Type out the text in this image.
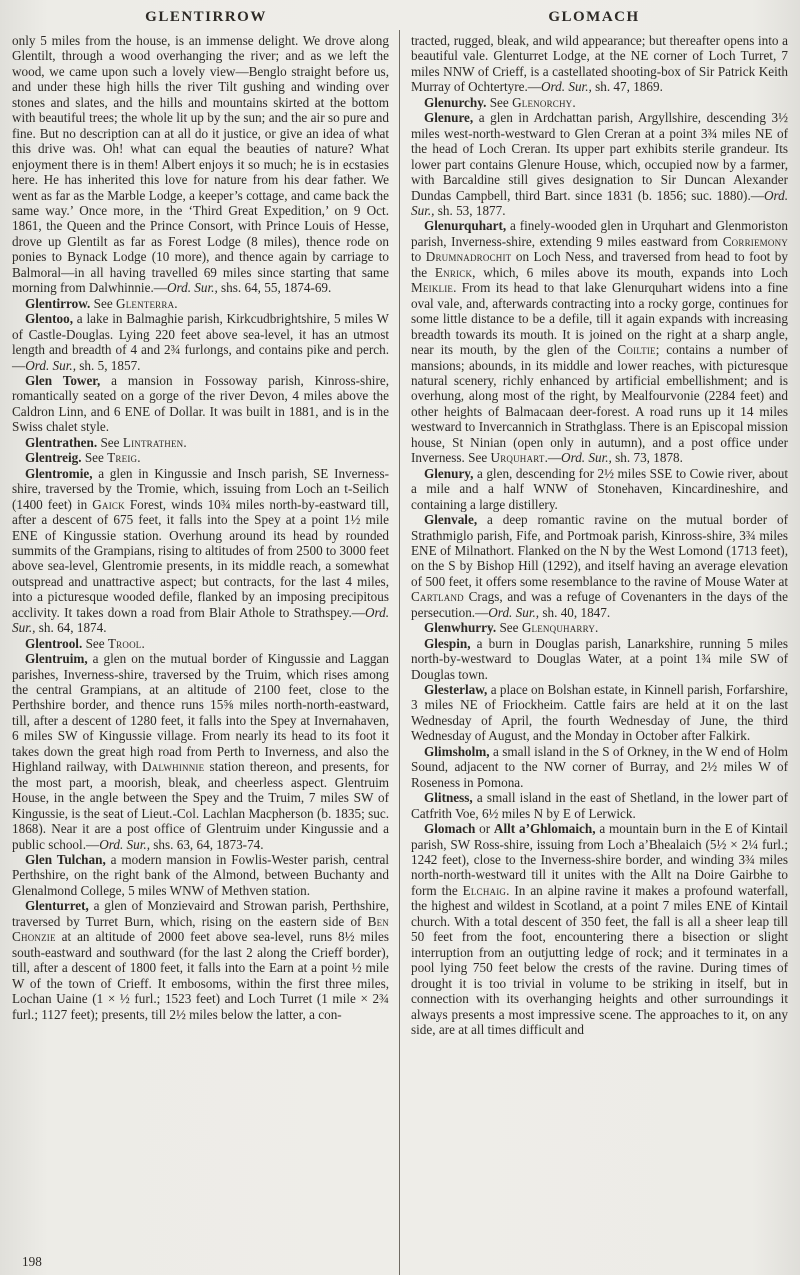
GLENTIRROW	GLOMACH

only 5 miles from the house, is an immense delight. We drove along Glentilt, through a wood overhanging the river; and as we left the wood, we came upon such a lovely view—Benglo straight before us, and under these high hills the river Tilt gushing and winding over stones and slates, and the hills and mountains skirted at the bottom with beautiful trees; the whole lit up by the sun; and the air so pure and fine. But no description can at all do it justice, or give an idea of what this drive was. Oh! what can equal the beauties of nature? What enjoyment there is in them! Albert enjoys it so much; he is in ecstasies here. He has inherited this love for nature from his dear father. We went as far as the Marble Lodge, a keeper’s cottage, and came back the same way.’ Once more, in the ‘Third Great Expedition,’ on 9 Oct. 1861, the Queen and the Prince Consort, with Prince Louis of Hesse, drove up Glentilt as far as Forest Lodge (8 miles), thence rode on ponies to Bynack Lodge (10 more), and thence again by carriage to Balmoral—in all having travelled 69 miles since starting that same morning from Dalwhinnie.—Ord. Sur., shs. 64, 55, 1874-69.

Glentirrow. See Glenterra.

Glentoo, a lake in Balmaghie parish, Kirkcudbrightshire, 5 miles W of Castle-Douglas. Lying 220 feet above sea-level, it has an utmost length and breadth of 4 and 2¾ furlongs, and contains pike and perch.—Ord. Sur., sh. 5, 1857.

Glen Tower, a mansion in Fossoway parish, Kinross-shire, romantically seated on a gorge of the river Devon, 4 miles above the Caldron Linn, and 6 ENE of Dollar. It was built in 1881, and is in the Swiss chalet style.

Glentrathen. See Lintrathen.

Glentreig. See Treig.

Glentromie, a glen in Kingussie and Insch parish, SE Inverness-shire, traversed by the Tromie, which, issuing from Loch an t-Seilich (1400 feet) in Gaick Forest, winds 10¾ miles north-by-eastward till, after a descent of 675 feet, it falls into the Spey at a point 1½ mile ENE of Kingussie station. Overhung around its head by rounded summits of the Grampians, rising to altitudes of from 2500 to 3000 feet above sea-level, Glentromie presents, in its middle reach, a somewhat outspread and unattractive aspect; but contracts, for the last 4 miles, into a picturesque wooded defile, flanked by an imposing precipitous acclivity. It takes down a road from Blair Athole to Strathspey.—Ord. Sur., sh. 64, 1874.

Glentrool. See Trool.

Glentruim, a glen on the mutual border of Kingussie and Laggan parishes, Inverness-shire, traversed by the Truim, which rises among the central Grampians, at an altitude of 2100 feet, close to the Perthshire border, and thence runs 15⅝ miles north-north-eastward, till, after a descent of 1280 feet, it falls into the Spey at Invernahaven, 6 miles SW of Kingussie village. From nearly its head to its foot it takes down the great high road from Perth to Inverness, and also the Highland railway, with Dalwhinnie station thereon, and presents, for the most part, a moorish, bleak, and cheerless aspect. Glentruim House, in the angle between the Spey and the Truim, 7 miles SW of Kingussie, is the seat of Lieut.-Col. Lachlan Macpherson (b. 1835; suc. 1868). Near it are a post office of Glentruim under Kingussie and a public school.—Ord. Sur., shs. 63, 64, 1873-74.

Glen Tulchan, a modern mansion in Fowlis-Wester parish, central Perthshire, on the right bank of the Almond, between Buchanty and Glenalmond College, 5 miles WNW of Methven station.

Glenturret, a glen of Monzievaird and Strowan parish, Perthshire, traversed by Turret Burn, which, rising on the eastern side of Ben Chonzie at an altitude of 2000 feet above sea-level, runs 8½ miles south-eastward and southward (for the last 2 along the Crieff border), till, after a descent of 1800 feet, it falls into the Earn at a point ½ mile W of the town of Crieff. It embosoms, within the first three miles, Lochan Uaine (1 × ½ furl.; 1523 feet) and Loch Turret (1 mile × 2¾ furl.; 1127 feet); presents, till 2½ miles below the latter, a con-

tracted, rugged, bleak, and wild appearance; but thereafter opens into a beautiful vale. Glenturret Lodge, at the NE corner of Loch Turret, 7 miles NNW of Crieff, is a castellated shooting-box of Sir Patrick Keith Murray of Ochtertyre.—Ord. Sur., sh. 47, 1869.

Glenurchy. See Glenorchy.

Glenure, a glen in Ardchattan parish, Argyllshire, descending 3½ miles west-north-westward to Glen Creran at a point 3¾ miles NE of the head of Loch Creran. Its upper part exhibits sterile grandeur. Its lower part contains Glenure House, which, occupied now by a farmer, with Barcaldine still gives designation to Sir Duncan Alexander Dundas Campbell, third Bart. since 1831 (b. 1856; suc. 1880).—Ord. Sur., sh. 53, 1877.

Glenurquhart, a finely-wooded glen in Urquhart and Glenmoriston parish, Inverness-shire, extending 9 miles eastward from Corriemony to Drumnadrochit on Loch Ness, and traversed from head to foot by the Enrick, which, 6 miles above its mouth, expands into Loch Meiklie. From its head to that lake Glenurquhart widens into a fine oval vale, and, afterwards contracting into a rocky gorge, continues for some little distance to be a defile, till it again expands with increasing breadth towards its mouth. It is joined on the right at a sharp angle, near its mouth, by the glen of the Coiltie; contains a number of mansions; abounds, in its middle and lower reaches, with picturesque natural scenery, richly enhanced by artificial embellishment; and is overhung, along most of the right, by Mealfourvonie (2284 feet) and other heights of Balmacaan deer-forest. A road runs up it 14 miles westward to Invercannich in Strathglass. There is an Episcopal mission house, St Ninian (open only in autumn), and a post office under Inverness. See Urquhart.—Ord. Sur., sh. 73, 1878.

Glenury, a glen, descending for 2½ miles SSE to Cowie river, about a mile and a half WNW of Stonehaven, Kincardineshire, and containing a large distillery.

Glenvale, a deep romantic ravine on the mutual border of Strathmiglo parish, Fife, and Portmoak parish, Kinross-shire, 3¾ miles ENE of Milnathort. Flanked on the N by the West Lomond (1713 feet), on the S by Bishop Hill (1292), and itself having an average elevation of 500 feet, it offers some resemblance to the ravine of Mouse Water at Cartland Crags, and was a refuge of Covenanters in the days of the persecution.—Ord. Sur., sh. 40, 1847.

Glenwhurry. See Glenquharry.

Glespin, a burn in Douglas parish, Lanarkshire, running 5 miles north-by-westward to Douglas Water, at a point 1¾ mile SW of Douglas town.

Glesterlaw, a place on Bolshan estate, in Kinnell parish, Forfarshire, 3 miles NE of Friockheim. Cattle fairs are held at it on the last Wednesday of April, the fourth Wednesday of June, the third Wednesday of August, and the Monday in October after Falkirk.

Glimsholm, a small island in the S of Orkney, in the W end of Holm Sound, adjacent to the NW corner of Burray, and 2½ miles W of Roseness in Pomona.

Glitness, a small island in the east of Shetland, in the lower part of Catfrith Voe, 6½ miles N by E of Lerwick.

Glomach or Allt a’Ghlomaich, a mountain burn in the E of Kintail parish, SW Ross-shire, issuing from Loch a’Bhealaich (5½ × 2¼ furl.; 1242 feet), close to the Inverness-shire border, and winding 3¾ miles north-north-westward till it unites with the Allt na Doire Gairbhe to form the Elchaig. In an alpine ravine it makes a profound waterfall, the highest and wildest in Scotland, at a point 7 miles ENE of Kintail church. With a total descent of 350 feet, the fall is all a sheer leap till 50 feet from the foot, encountering there a bisection or slight interruption from an outjutting ledge of rock; and it terminates in a pool lying 750 feet below the crests of the ravine. During times of drought it is too trivial in volume to be striking in itself, but in connection with its overhanging heights and other surroundings it always presents a most impressive scene. The approaches to it, on any side, are at all times difficult and

198
